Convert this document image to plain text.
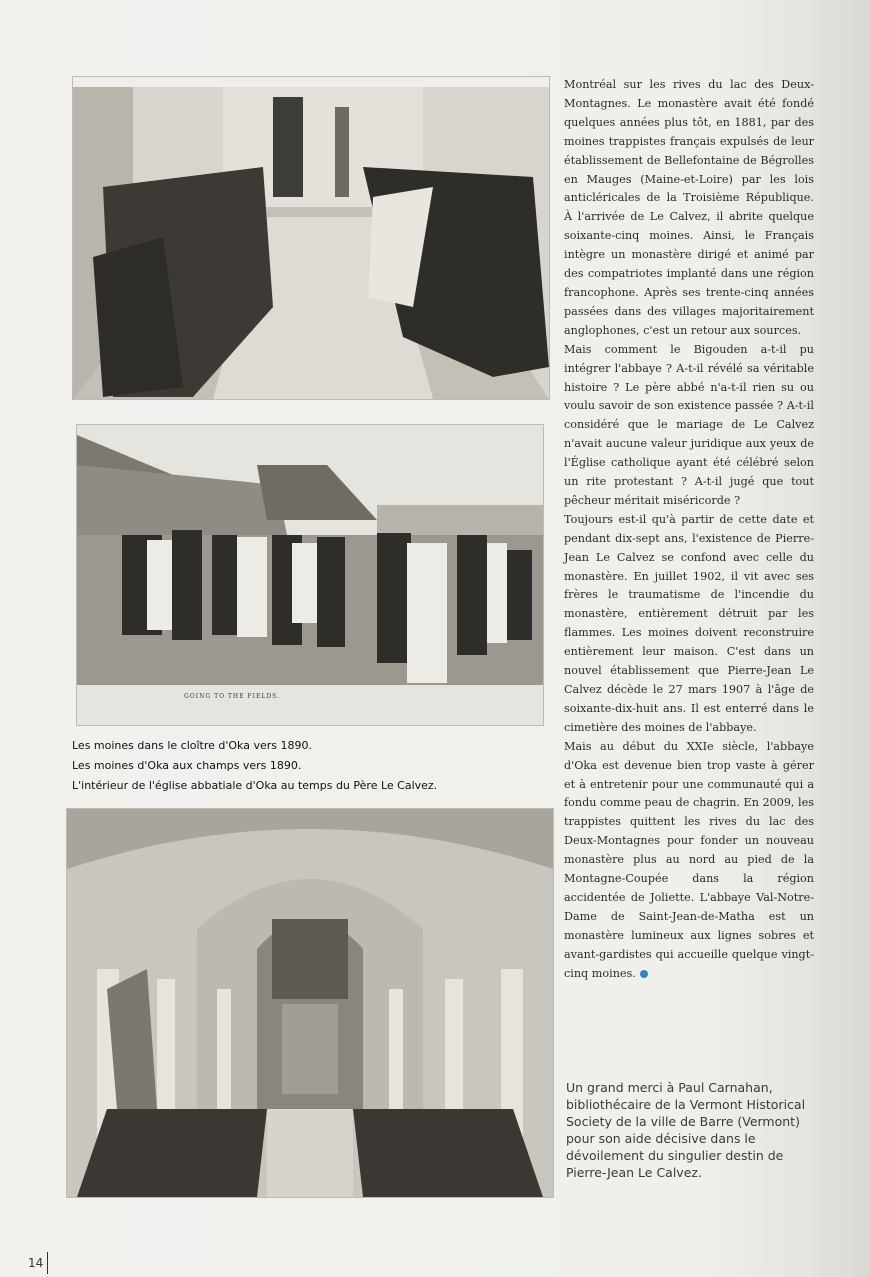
GOING TO THE FIELDS.
Les moines dans le cloître d'Oka vers 1890.
Les moines d'Oka aux champs vers 1890.
L'intérieur de l'église abbatiale d'Oka au temps du Père Le Calvez.

Montréal sur les rives du lac des Deux-Montagnes. Le monastère avait été fondé quelques années plus tôt, en 1881, par des moines trappistes français expulsés de leur établissement de Bellefontaine de Bégrolles en Mauges (Maine-et-Loire) par les lois anticléricales de la Troisième République. À l'arrivée de Le Calvez, il abrite quelque soixante-cinq moines. Ainsi, le Français intègre un monastère dirigé et animé par des compatriotes implanté dans une région francophone. Après ses trente-cinq années passées dans des villages majoritairement anglophones, c'est un retour aux sources.

Mais comment le Bigouden a-t-il pu intégrer l'abbaye ? A-t-il révélé sa véritable histoire ? Le père abbé n'a-t-il rien su ou voulu savoir de son existence passée ? A-t-il considéré que le mariage de Le Calvez n'avait aucune valeur juridique aux yeux de l'Église catholique ayant été célébré selon un rite protestant ? A-t-il jugé que tout pêcheur méritait miséricorde ?

Toujours est-il qu'à partir de cette date et pendant dix-sept ans, l'existence de Pierre-Jean Le Calvez se confond avec celle du monastère. En juillet 1902, il vit avec ses frères le traumatisme de l'incendie du monastère, entièrement détruit par les flammes. Les moines doivent reconstruire entièrement leur maison. C'est dans un nouvel établissement que Pierre-Jean Le Calvez décède le 27 mars 1907 à l'âge de soixante-dix-huit ans. Il est enterré dans le cimetière des moines de l'abbaye.

Mais au début du XXIe siècle, l'abbaye d'Oka est devenue bien trop vaste à gérer et à entretenir pour une communauté qui a fondu comme peau de chagrin. En 2009, les trappistes quittent les rives du lac des Deux-Montagnes pour fonder un nouveau monastère plus au nord au pied de la Montagne-Coupée dans la région accidentée de Joliette. L'abbaye Val-Notre-Dame de Saint-Jean-de-Matha est un monastère lumineux aux lignes sobres et avant-gardistes qui accueille quelque vingt-cinq moines.

Un grand merci à Paul Carnahan, bibliothécaire de la Vermont Historical Society de la ville de Barre (Vermont) pour son aide décisive dans le dévoilement du singulier destin de Pierre-Jean Le Calvez.
14
